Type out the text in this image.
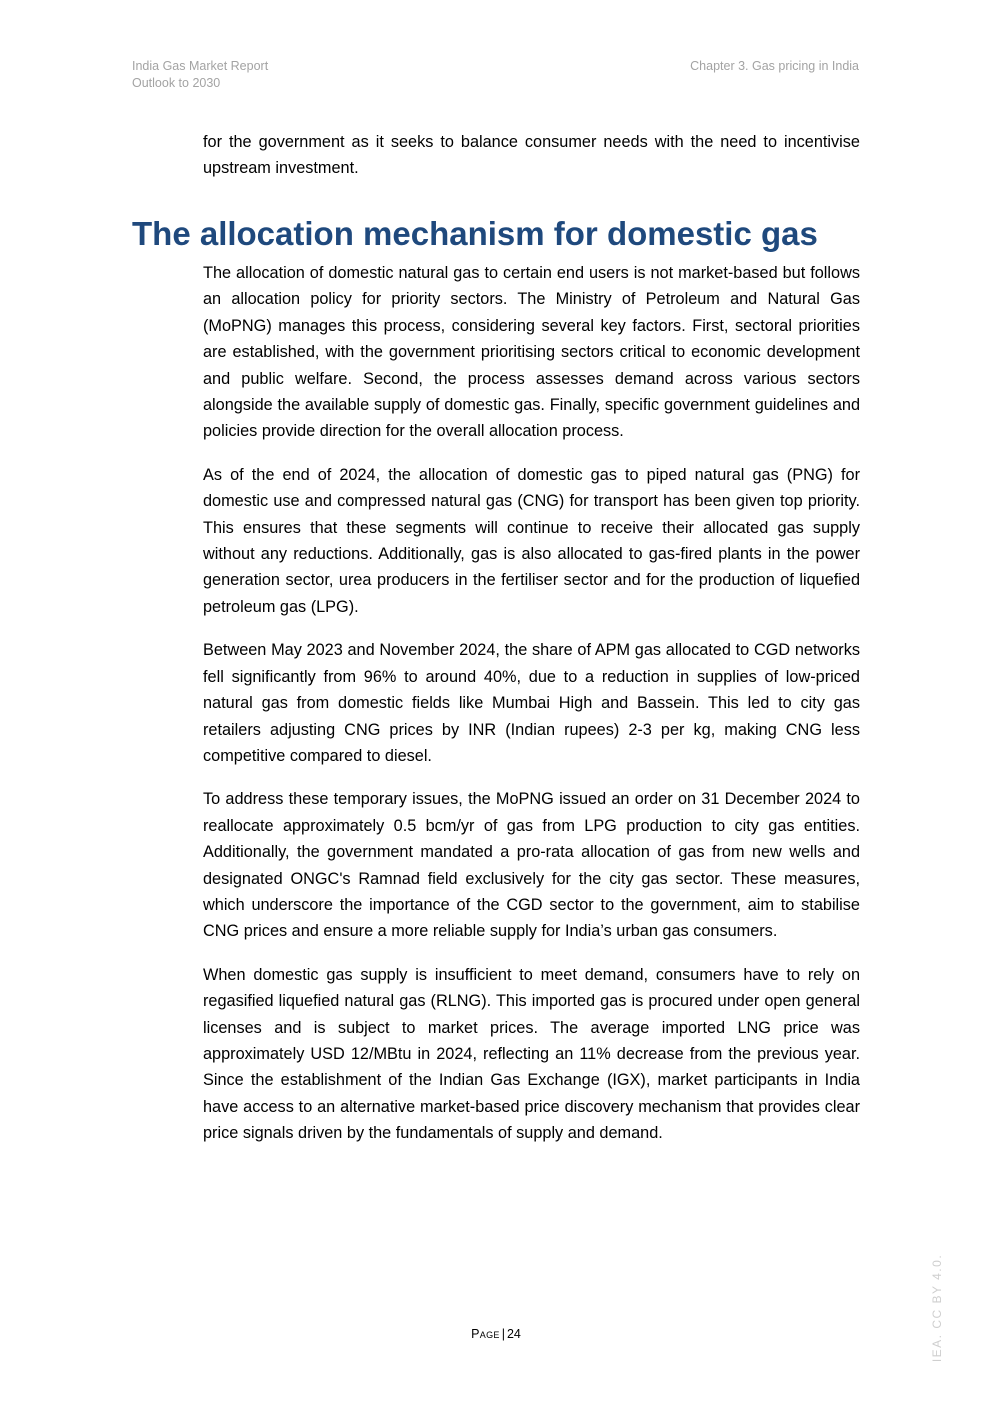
India Gas Market Report
Outlook to 2030
Chapter 3. Gas pricing in India

for the government as it seeks to balance consumer needs with the need to incentivise upstream investment.

The allocation mechanism for domestic gas

The allocation of domestic natural gas to certain end users is not market-based but follows an allocation policy for priority sectors. The Ministry of Petroleum and Natural Gas (MoPNG) manages this process, considering several key factors. First, sectoral priorities are established, with the government prioritising sectors critical to economic development and public welfare. Second, the process assesses demand across various sectors alongside the available supply of domestic gas. Finally, specific government guidelines and policies provide direction for the overall allocation process.

As of the end of 2024, the allocation of domestic gas to piped natural gas (PNG) for domestic use and compressed natural gas (CNG) for transport has been given top priority. This ensures that these segments will continue to receive their allocated gas supply without any reductions. Additionally, gas is also allocated to gas-fired plants in the power generation sector, urea producers in the fertiliser sector and for the production of liquefied petroleum gas (LPG).

Between May 2023 and November 2024, the share of APM gas allocated to CGD networks fell significantly from 96% to around 40%, due to a reduction in supplies of low-priced natural gas from domestic fields like Mumbai High and Bassein. This led to city gas retailers adjusting CNG prices by INR (Indian rupees) 2-3 per kg, making CNG less competitive compared to diesel.

To address these temporary issues, the MoPNG issued an order on 31 December 2024 to reallocate approximately 0.5 bcm/yr of gas from LPG production to city gas entities. Additionally, the government mandated a pro-rata allocation of gas from new wells and designated ONGC's Ramnad field exclusively for the city gas sector. These measures, which underscore the importance of the CGD sector to the government, aim to stabilise CNG prices and ensure a more reliable supply for India’s urban gas consumers.

When domestic gas supply is insufficient to meet demand, consumers have to rely on regasified liquefied natural gas (RLNG). This imported gas is procured under open general licenses and is subject to market prices. The average imported LNG price was approximately USD 12/MBtu in 2024, reflecting an 11% decrease from the previous year. Since the establishment of the Indian Gas Exchange (IGX), market participants in India have access to an alternative market-based price discovery mechanism that provides clear price signals driven by the fundamentals of supply and demand.

Page | 24	IEA. CC BY 4.0.
